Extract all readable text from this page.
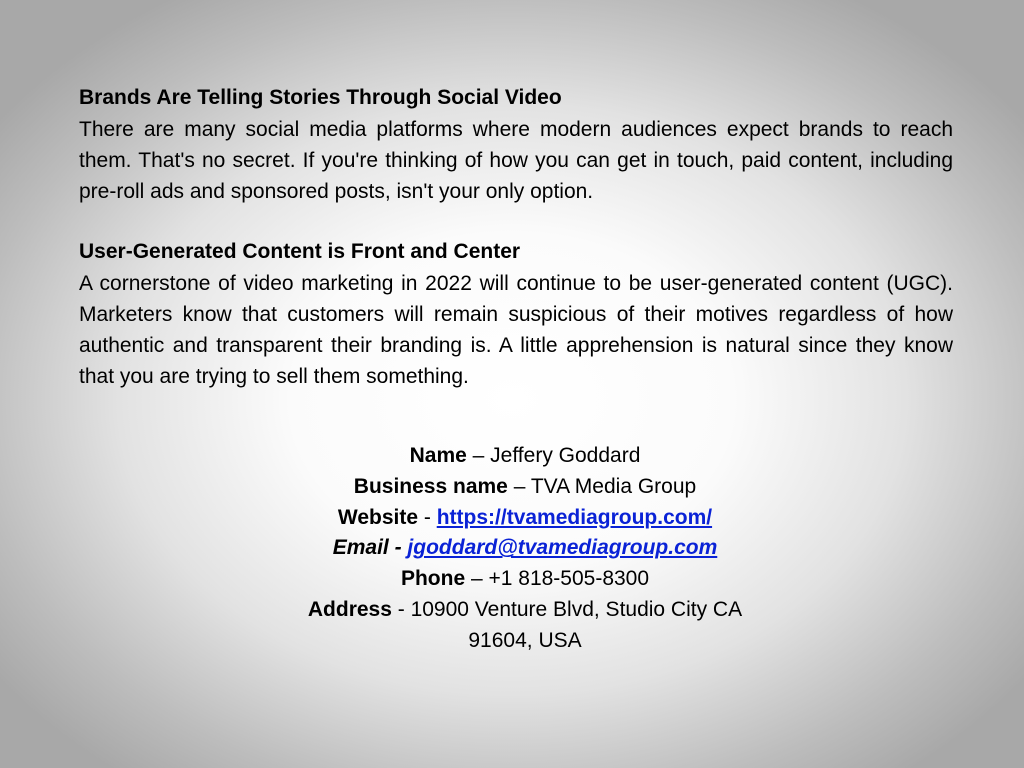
Brands Are Telling Stories Through Social Video

There are many social media platforms where modern audiences expect brands to reach them. That's no secret. If you're thinking of how you can get in touch, paid content, including pre-roll ads and sponsored posts, isn't your only option.

User-Generated Content is Front and Center

A cornerstone of video marketing in 2022 will continue to be user-generated content (UGC). Marketers know that customers will remain suspicious of their motives regardless of how authentic and transparent their branding is. A little apprehension is natural since they know that you are trying to sell them something.

Name – Jeffery Goddard
Business name – TVA Media Group
Website - https://tvamediagroup.com/
Email - jgoddard@tvamediagroup.com
Phone – +1 818-505-8300
Address - 10900 Venture Blvd, Studio City CA
91604, USA
